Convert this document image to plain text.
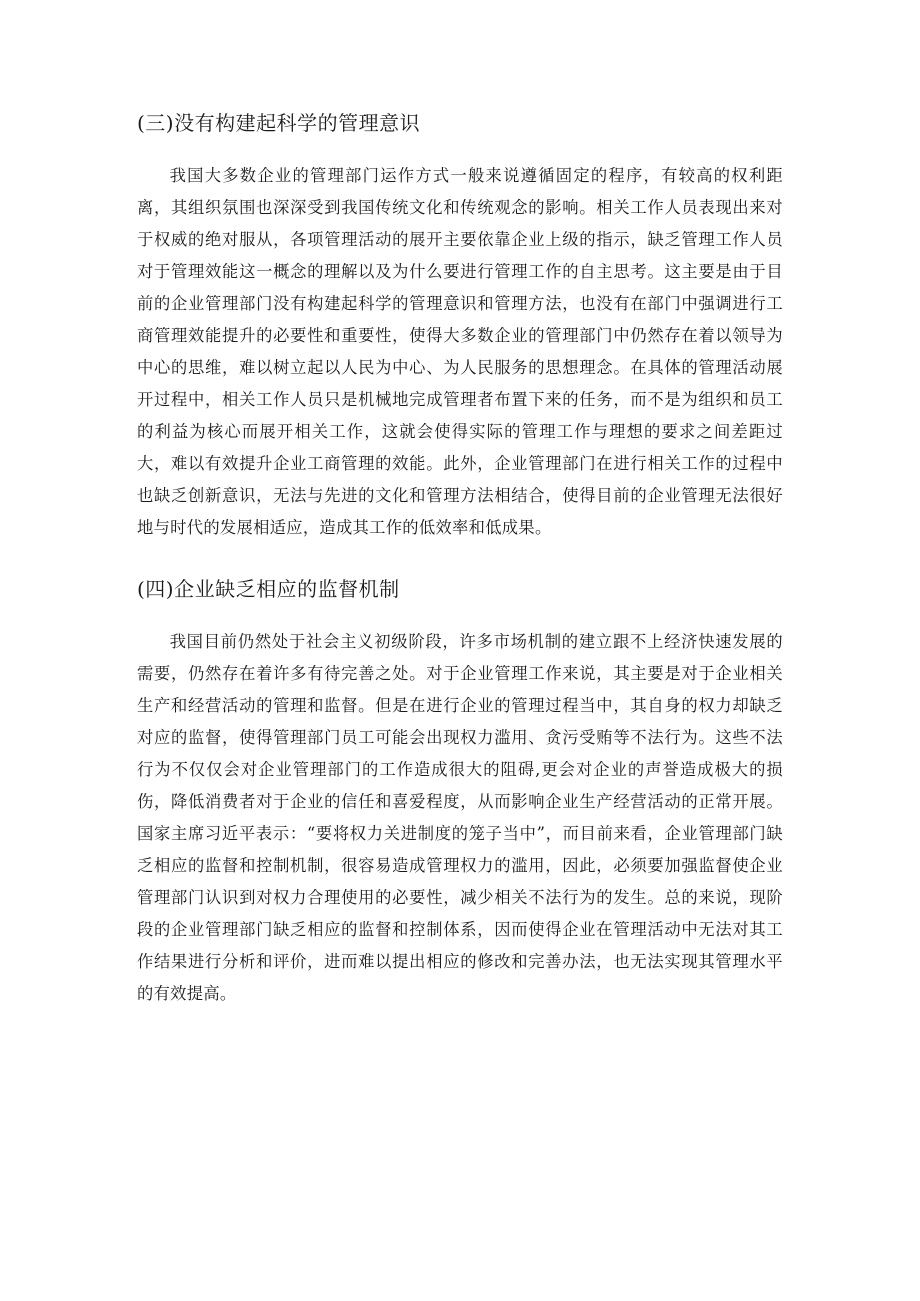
(三)没有构建起科学的管理意识

我国大多数企业的管理部门运作方式一般来说遵循固定的程序，有较高的权利距离，其组织氛围也深深受到我国传统文化和传统观念的影响。相关工作人员表现出来对于权威的绝对服从，各项管理活动的展开主要依靠企业上级的指示，缺乏管理工作人员对于管理效能这一概念的理解以及为什么要进行管理工作的自主思考。这主要是由于目前的企业管理部门没有构建起科学的管理意识和管理方法，也没有在部门中强调进行工商管理效能提升的必要性和重要性，使得大多数企业的管理部门中仍然存在着以领导为中心的思维，难以树立起以人民为中心、为人民服务的思想理念。在具体的管理活动展开过程中，相关工作人员只是机械地完成管理者布置下来的任务，而不是为组织和员工的利益为核心而展开相关工作，这就会使得实际的管理工作与理想的要求之间差距过大，难以有效提升企业工商管理的效能。此外，企业管理部门在进行相关工作的过程中也缺乏创新意识，无法与先进的文化和管理方法相结合，使得目前的企业管理无法很好地与时代的发展相适应，造成其工作的低效率和低成果。

(四)企业缺乏相应的监督机制

我国目前仍然处于社会主义初级阶段，许多市场机制的建立跟不上经济快速发展的需要，仍然存在着许多有待完善之处。对于企业管理工作来说，其主要是对于企业相关生产和经营活动的管理和监督。但是在进行企业的管理过程当中，其自身的权力却缺乏对应的监督，使得管理部门员工可能会出现权力滥用、贪污受贿等不法行为。这些不法行为不仅仅会对企业管理部门的工作造成很大的阻碍,更会对企业的声誉造成极大的损伤，降低消费者对于企业的信任和喜爱程度，从而影响企业生产经营活动的正常开展。国家主席习近平表示：“要将权力关进制度的笼子当中”，而目前来看，企业管理部门缺乏相应的监督和控制机制，很容易造成管理权力的滥用，因此，必须要加强监督使企业管理部门认识到对权力合理使用的必要性，减少相关不法行为的发生。总的来说，现阶段的企业管理部门缺乏相应的监督和控制体系，因而使得企业在管理活动中无法对其工作结果进行分析和评价，进而难以提出相应的修改和完善办法，也无法实现其管理水平的有效提高。
